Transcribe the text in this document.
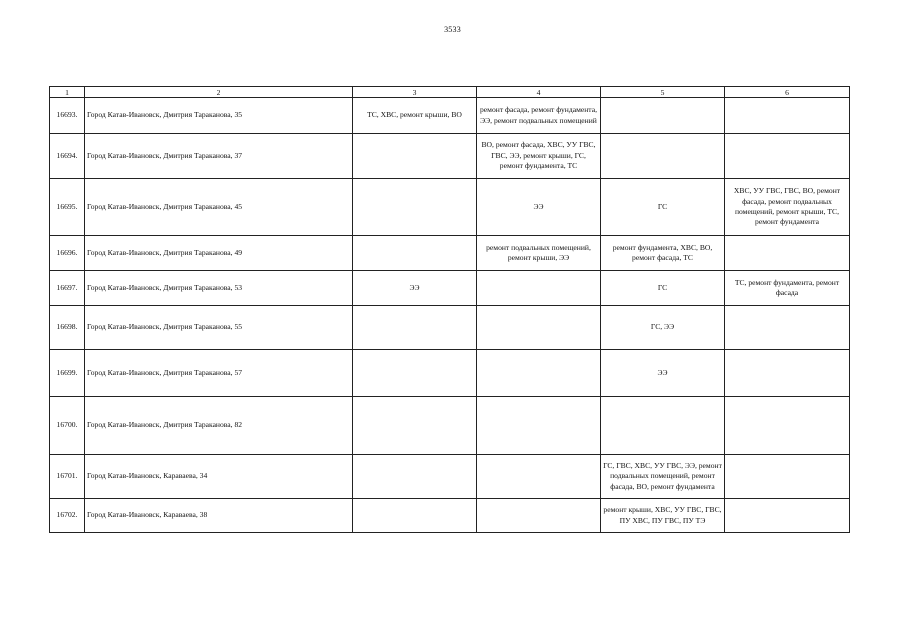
3533
1	2	3	4	5	6
16693.	Город Катав-Ивановск, Дмитрия Тараканова, 35	ТС, ХВС, ремонт крыши, ВО	ремонт фасада, ремонт фундамента, ЭЭ, ремонт подвальных помещений		
16694.	Город Катав-Ивановск, Дмитрия Тараканова, 37		ВО, ремонт фасада, ХВС, УУ ГВС, ГВС, ЭЭ, ремонт крыши, ГС, ремонт фундамента, ТС		
16695.	Город Катав-Ивановск, Дмитрия Тараканова, 45		ЭЭ	ГС	ХВС, УУ ГВС, ГВС, ВО, ремонт фасада, ремонт подвальных помещений, ремонт крыши, ТС, ремонт фундамента
16696.	Город Катав-Ивановск, Дмитрия Тараканова, 49		ремонт подвальных помещений, ремонт крыши, ЭЭ	ремонт фундамента, ХВС, ВО, ремонт фасада, ТС	
16697.	Город Катав-Ивановск, Дмитрия Тараканова, 53	ЭЭ		ГС	ТС, ремонт фундамента, ремонт фасада
16698.	Город Катав-Ивановск, Дмитрия Тараканова, 55			ГС, ЭЭ	
16699.	Город Катав-Ивановск, Дмитрия Тараканова, 57			ЭЭ	
16700.	Город Катав-Ивановск, Дмитрия Тараканова, 82				
16701.	Город Катав-Ивановск, Караваева, 34			ГС, ГВС, ХВС, УУ ГВС, ЭЭ, ремонт подвальных помещений, ремонт фасада, ВО, ремонт фундамента	
16702.	Город Катав-Ивановск, Караваева, 38			ремонт крыши, ХВС, УУ ГВС, ГВС, ПУ ХВС, ПУ ГВС, ПУ ТЭ	
